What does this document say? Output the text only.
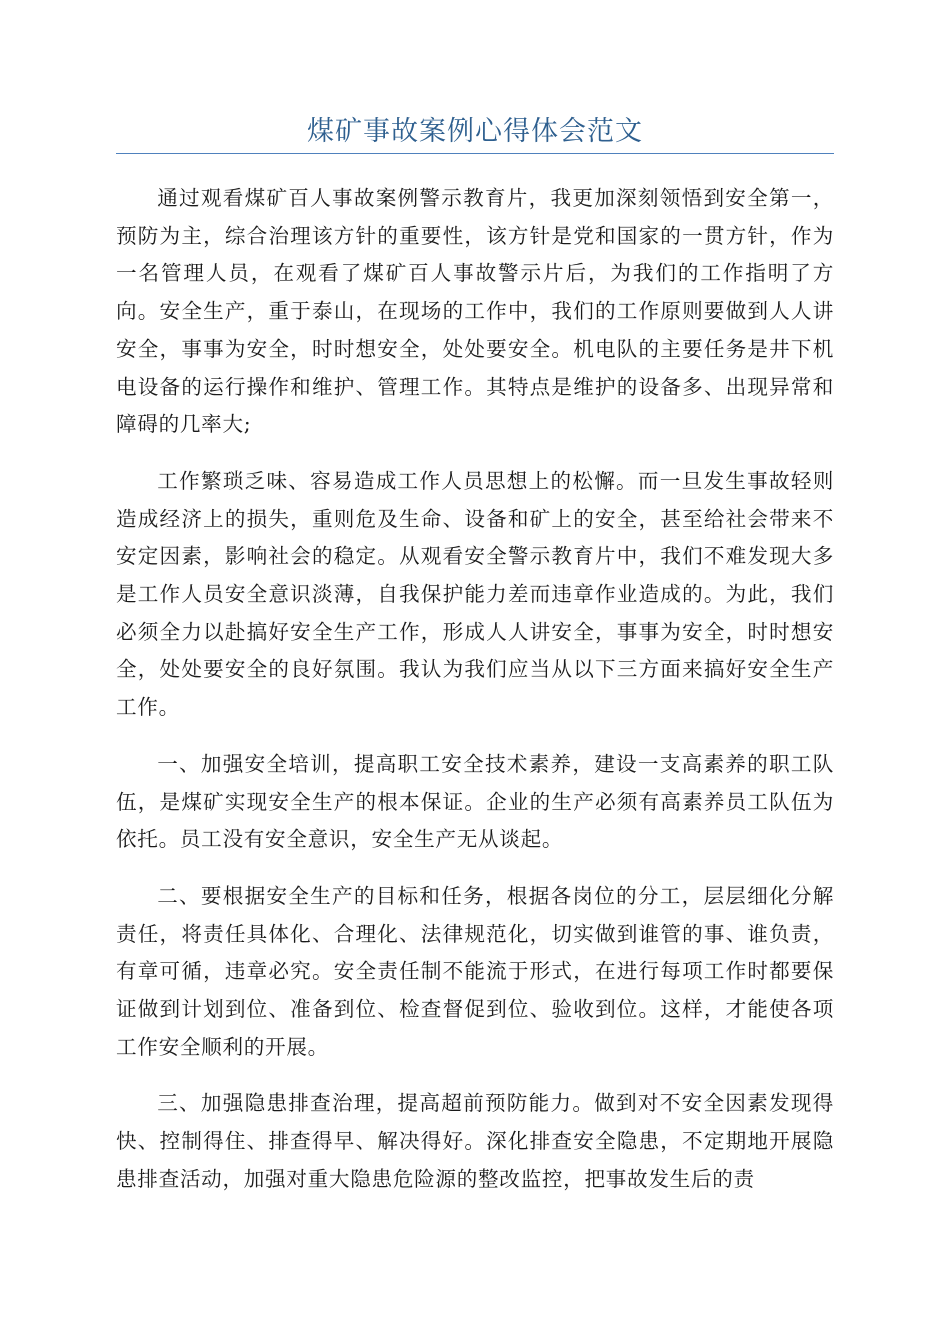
煤矿事故案例心得体会范文

通过观看煤矿百人事故案例警示教育片，我更加深刻领悟到安全第一，预防为主，综合治理该方针的重要性，该方针是党和国家的一贯方针，作为一名管理人员，在观看了煤矿百人事故警示片后，为我们的工作指明了方向。安全生产，重于泰山，在现场的工作中，我们的工作原则要做到人人讲安全，事事为安全，时时想安全，处处要安全。机电队的主要任务是井下机电设备的运行操作和维护、管理工作。其特点是维护的设备多、出现异常和障碍的几率大;

工作繁琐乏味、容易造成工作人员思想上的松懈。而一旦发生事故轻则造成经济上的损失，重则危及生命、设备和矿上的安全，甚至给社会带来不安定因素，影响社会的稳定。从观看安全警示教育片中，我们不难发现大多是工作人员安全意识淡薄，自我保护能力差而违章作业造成的。为此，我们必须全力以赴搞好安全生产工作，形成人人讲安全，事事为安全，时时想安全，处处要安全的良好氛围。我认为我们应当从以下三方面来搞好安全生产工作。

一、加强安全培训，提高职工安全技术素养，建设一支高素养的职工队伍，是煤矿实现安全生产的根本保证。企业的生产必须有高素养员工队伍为依托。员工没有安全意识，安全生产无从谈起。

二、要根据安全生产的目标和任务，根据各岗位的分工，层层细化分解责任，将责任具体化、合理化、法律规范化，切实做到谁管的事、谁负责，有章可循，违章必究。安全责任制不能流于形式，在进行每项工作时都要保证做到计划到位、准备到位、检查督促到位、验收到位。这样，才能使各项工作安全顺利的开展。

三、加强隐患排查治理，提高超前预防能力。做到对不安全因素发现得快、控制得住、排查得早、解决得好。深化排查安全隐患，不定期地开展隐患排查活动，加强对重大隐患危险源的整改监控，把事故发生后的责
